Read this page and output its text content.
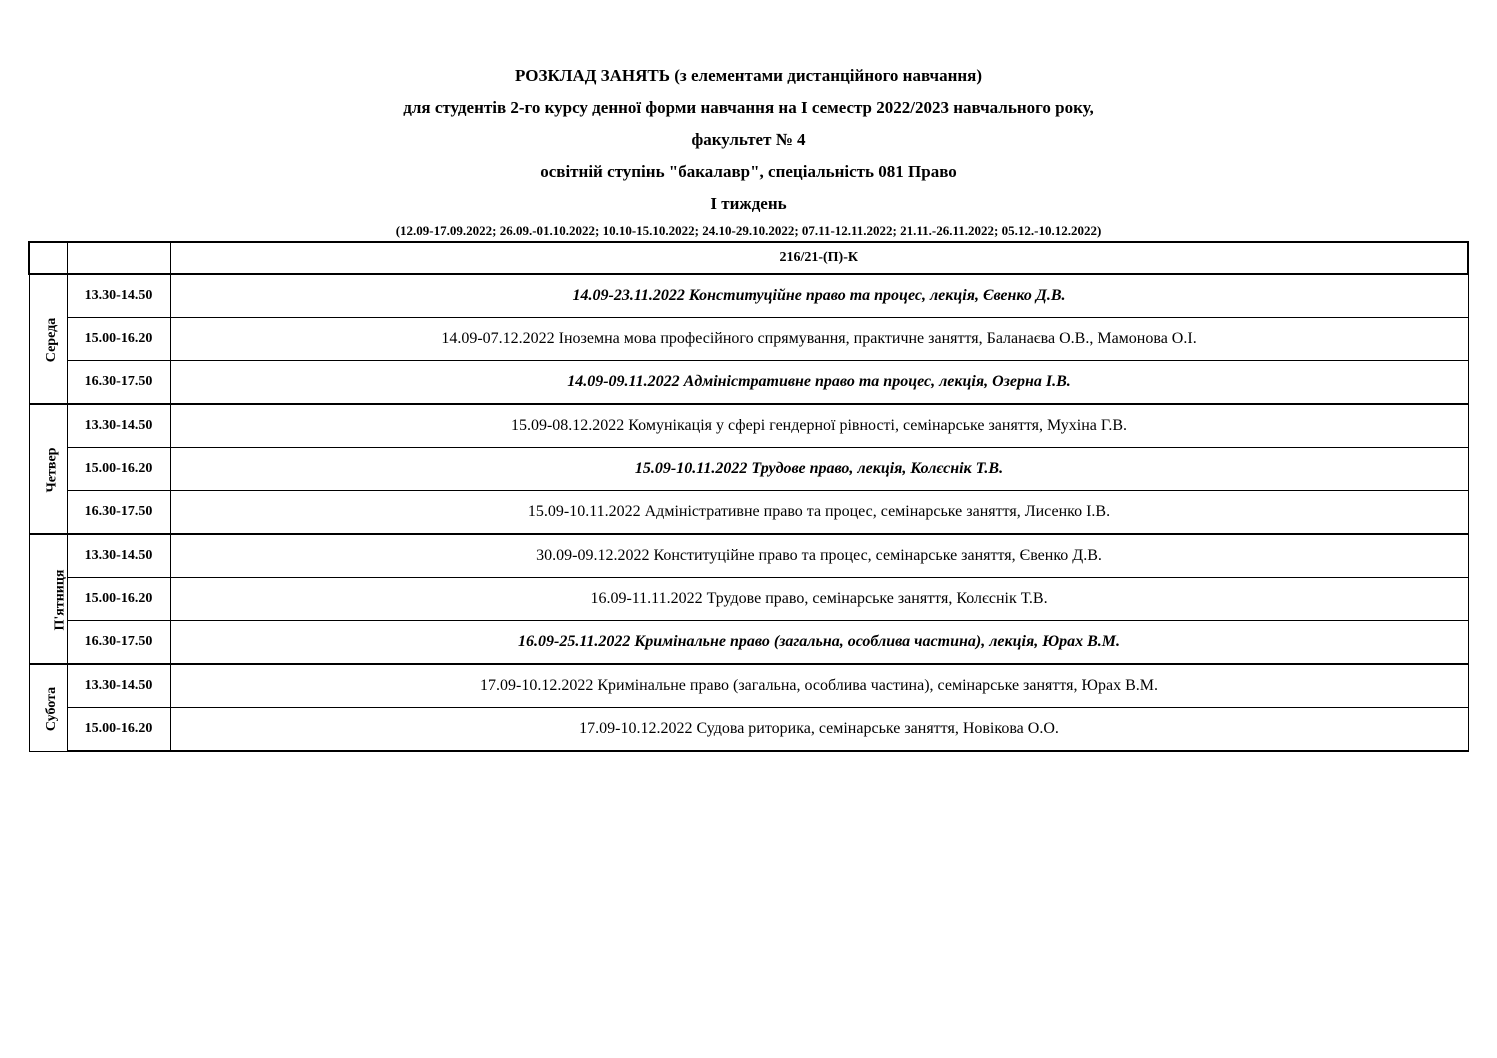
РОЗКЛАД ЗАНЯТЬ (з елементами дистанційного навчання)
для студентів 2-го курсу денної форми навчання на I семестр 2022/2023 навчального року,
факультет № 4
освітній ступінь "бакалавр", спеціальність 081 Право
I тиждень
(12.09-17.09.2022; 26.09.-01.10.2022; 10.10-15.10.2022; 24.10-29.10.2022; 07.11-12.11.2022; 21.11.-26.11.2022; 05.12.-10.12.2022)
		216/21-(П)-К
Середа	13.30-14.50	14.09-23.11.2022 Конституційне право та процес, лекція, Євенко Д.В.
	15.00-16.20	14.09-07.12.2022 Іноземна мова професійного спрямування, практичне заняття, Баланаєва О.В., Мамонова О.І.
	16.30-17.50	14.09-09.11.2022 Адміністративне право та процес, лекція, Озерна І.В.
Четвер	13.30-14.50	15.09-08.12.2022 Комунікація у сфері гендерної рівності, семінарське заняття, Мухіна Г.В.
	15.00-16.20	15.09-10.11.2022 Трудове право, лекція, Колєснік Т.В.
	16.30-17.50	15.09-10.11.2022 Адміністративне право та процес, семінарське заняття, Лисенко І.В.
П'ятниця	13.30-14.50	30.09-09.12.2022 Конституційне право та процес, семінарське заняття, Євенко Д.В.
	15.00-16.20	16.09-11.11.2022 Трудове право, семінарське заняття, Колєснік Т.В.
	16.30-17.50	16.09-25.11.2022 Кримінальне право (загальна, особлива частина), лекція, Юрах В.М.
Субота	13.30-14.50	17.09-10.12.2022 Кримінальне право (загальна, особлива частина), семінарське заняття, Юрах В.М.
	15.00-16.20	17.09-10.12.2022 Судова риторика, семінарське заняття, Новікова О.О.
